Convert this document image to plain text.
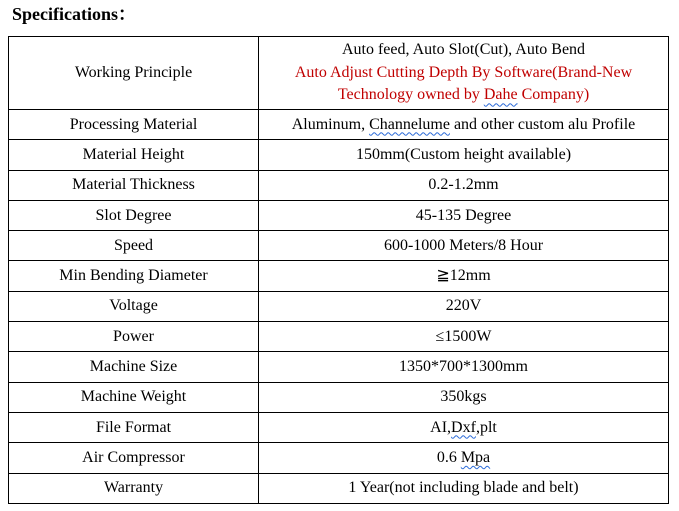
Specifications：
Working Principle	Auto feed, Auto Slot(Cut), Auto Bend
Auto Adjust Cutting Depth By Software(Brand-New
Technology owned by Dahe Company)

Processing Material	Aluminum, Channelume and other custom alu Profile
Material Height	150mm(Custom height available)
Material Thickness	0.2-1.2mm
Slot Degree	45-135 Degree
Speed	600-1000 Meters/8 Hour
Min Bending Diameter	≧12mm
Voltage	220V
Power	≤1500W
Machine Size	1350*700*1300mm
Machine Weight	350kgs
File Format	AI,Dxf,plt
Air Compressor	0.6 Mpa
Warranty	1 Year(not including blade and belt)
